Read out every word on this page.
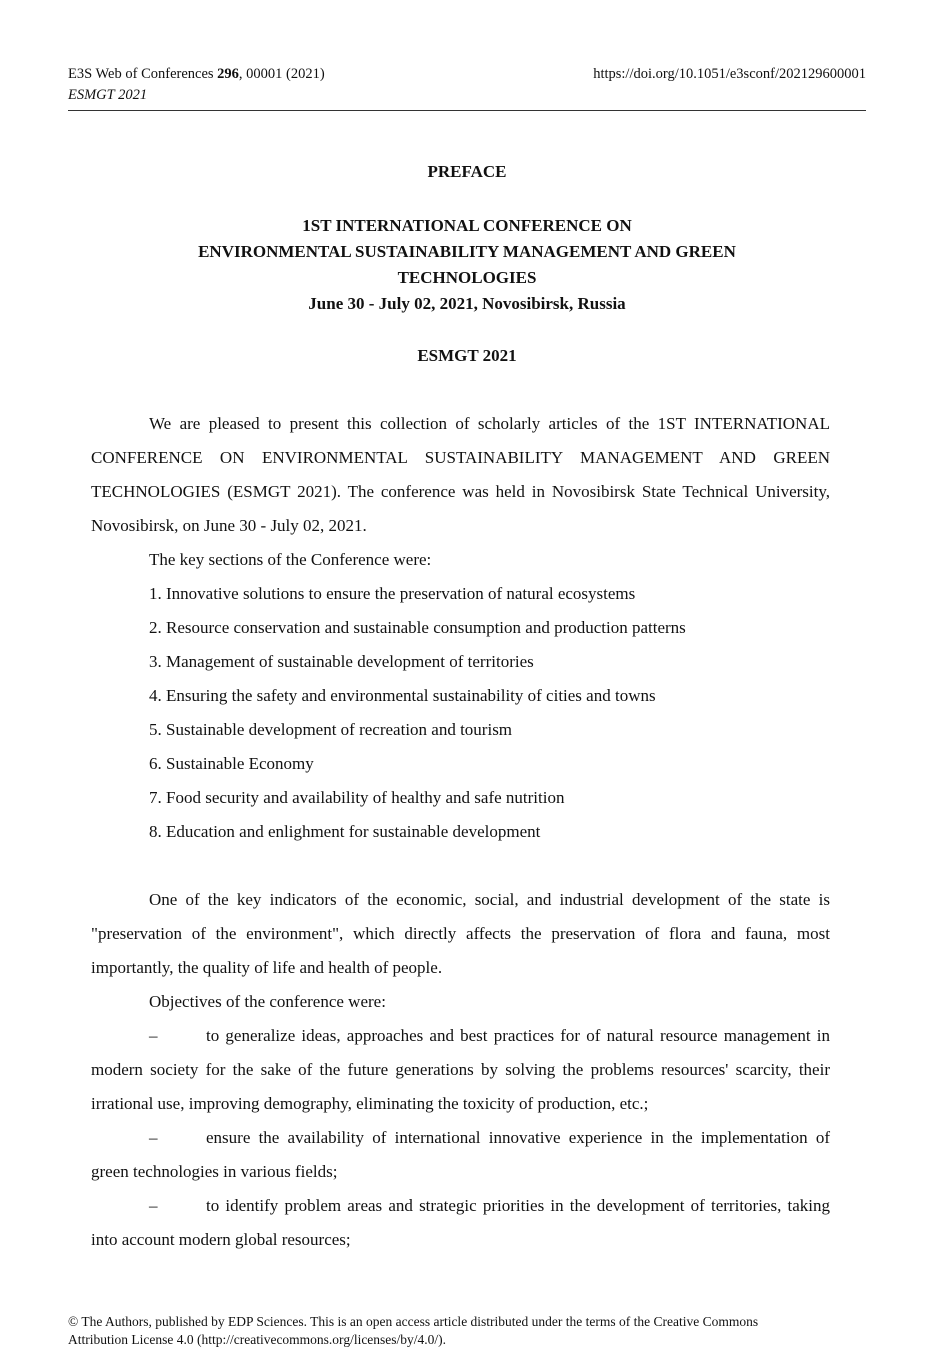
E3S Web of Conferences 296, 00001 (2021)
ESMGT 2021
https://doi.org/10.1051/e3sconf/202129600001
PREFACE
1ST INTERNATIONAL CONFERENCE ON
ENVIRONMENTAL SUSTAINABILITY MANAGEMENT AND GREEN
TECHNOLOGIES
June 30 - July 02, 2021, Novosibirsk, Russia
ESMGT 2021

We are pleased to present this collection of scholarly articles of the 1ST INTERNATIONAL CONFERENCE ON ENVIRONMENTAL SUSTAINABILITY MANAGEMENT AND GREEN TECHNOLOGIES (ESMGT 2021). The conference was held in Novosibirsk State Technical University, Novosibirsk, on June 30 - July 02, 2021.

The key sections of the Conference were:

1. Innovative solutions to ensure the preservation of natural ecosystems
2. Resource conservation and sustainable consumption and production patterns
3. Management of sustainable development of territories
4. Ensuring the safety and environmental sustainability of cities and towns
5. Sustainable development of recreation and tourism
6. Sustainable Economy
7. Food security and availability of healthy and safe nutrition
8. Education and enlighment for sustainable development

One of the key indicators of the economic, social, and industrial development of the state is "preservation of the environment", which directly affects the preservation of flora and fauna, most importantly, the quality of life and health of people.

Objectives of the conference were:

–	to generalize ideas, approaches and best practices for of natural resource management in modern society for the sake of the future generations by solving the problems resources' scarcity, their irrational use, improving demography, eliminating the toxicity of production, etc.;

–	ensure the availability of international innovative experience in the implementation of green technologies in various fields;

–	to identify problem areas and strategic priorities in the development of territories, taking into account modern global resources;

© The Authors, published by EDP Sciences. This is an open access article distributed under the terms of the Creative Commons
Attribution License 4.0 (http://creativecommons.org/licenses/by/4.0/).
